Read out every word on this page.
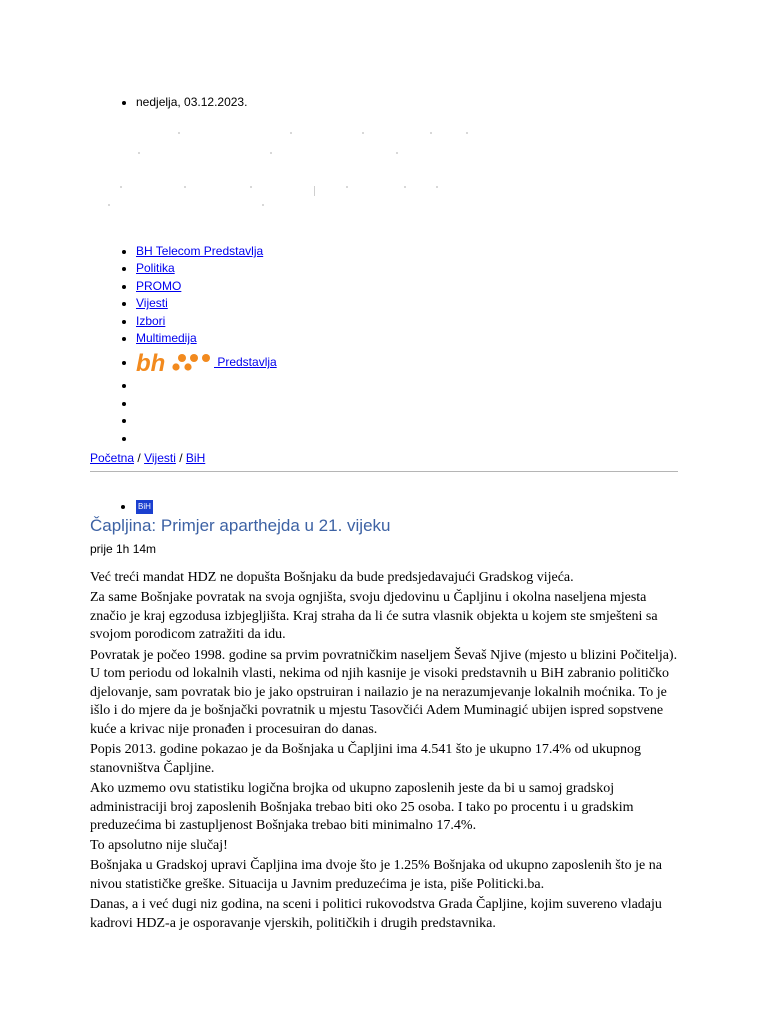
• nedjelja, 03.12.2023.
• BH Telecom Predstavlja
• Politika
• PROMO
• Vijesti
• Izbori
• Multimedija
• bh	Predstavlja
•
•
•
•
Početna / Vijesti / BiH
• BiH
Čapljina: Primjer aparthejda u 21. vijeku
prije 1h 14m

Već treći mandat HDZ ne dopušta Bošnjaku da bude predsjedavajući Gradskog vijeća.

Za same Bošnjake povratak na svoja ognjišta, svoju djedovinu u Čapljinu i okolna naseljena mjesta značio je kraj egzodusa izbjegljišta. Kraj straha da li će sutra vlasnik objekta u kojem ste smješteni sa svojom porodicom zatražiti da idu.

Povratak je počeo 1998. godine sa prvim povratničkim naseljem Ševaš Njive (mjesto u blizini Počitelja). U tom periodu od lokalnih vlasti, nekima od njih kasnije je visoki predstavnih u BiH zabranio političko djelovanje, sam povratak bio je jako opstruiran i nailazio je na nerazumjevanje lokalnih moćnika. To je išlo i do mjere da je bošnjački povratnik u mjestu Tasovčići Adem Muminagić ubijen ispred sopstvene kuće a krivac nije pronađen i procesuiran do danas.

Popis 2013. godine pokazao je da Bošnjaka u Čapljini ima 4.541 što je ukupno 17.4% od ukupnog stanovništva Čapljine.

Ako uzmemo ovu statistiku logična brojka od ukupno zaposlenih jeste da bi u samoj gradskoj administraciji broj zaposlenih Bošnjaka trebao biti oko 25 osoba. I tako po procentu i u gradskim preduzećima bi zastupljenost Bošnjaka trebao biti minimalno 17.4%.

To apsolutno nije slučaj!

Bošnjaka u Gradskoj upravi Čapljina ima dvoje što je 1.25% Bošnjaka od ukupno zaposlenih što je na nivou statističke greške. Situacija u Javnim preduzećima je ista, piše Politicki.ba.

Danas, a i već dugi niz godina, na sceni i politici rukovodstva Grada Čapljine, kojim suvereno vladaju kadrovi HDZ-a je osporavanje vjerskih, političkih i drugih predstavnika.
